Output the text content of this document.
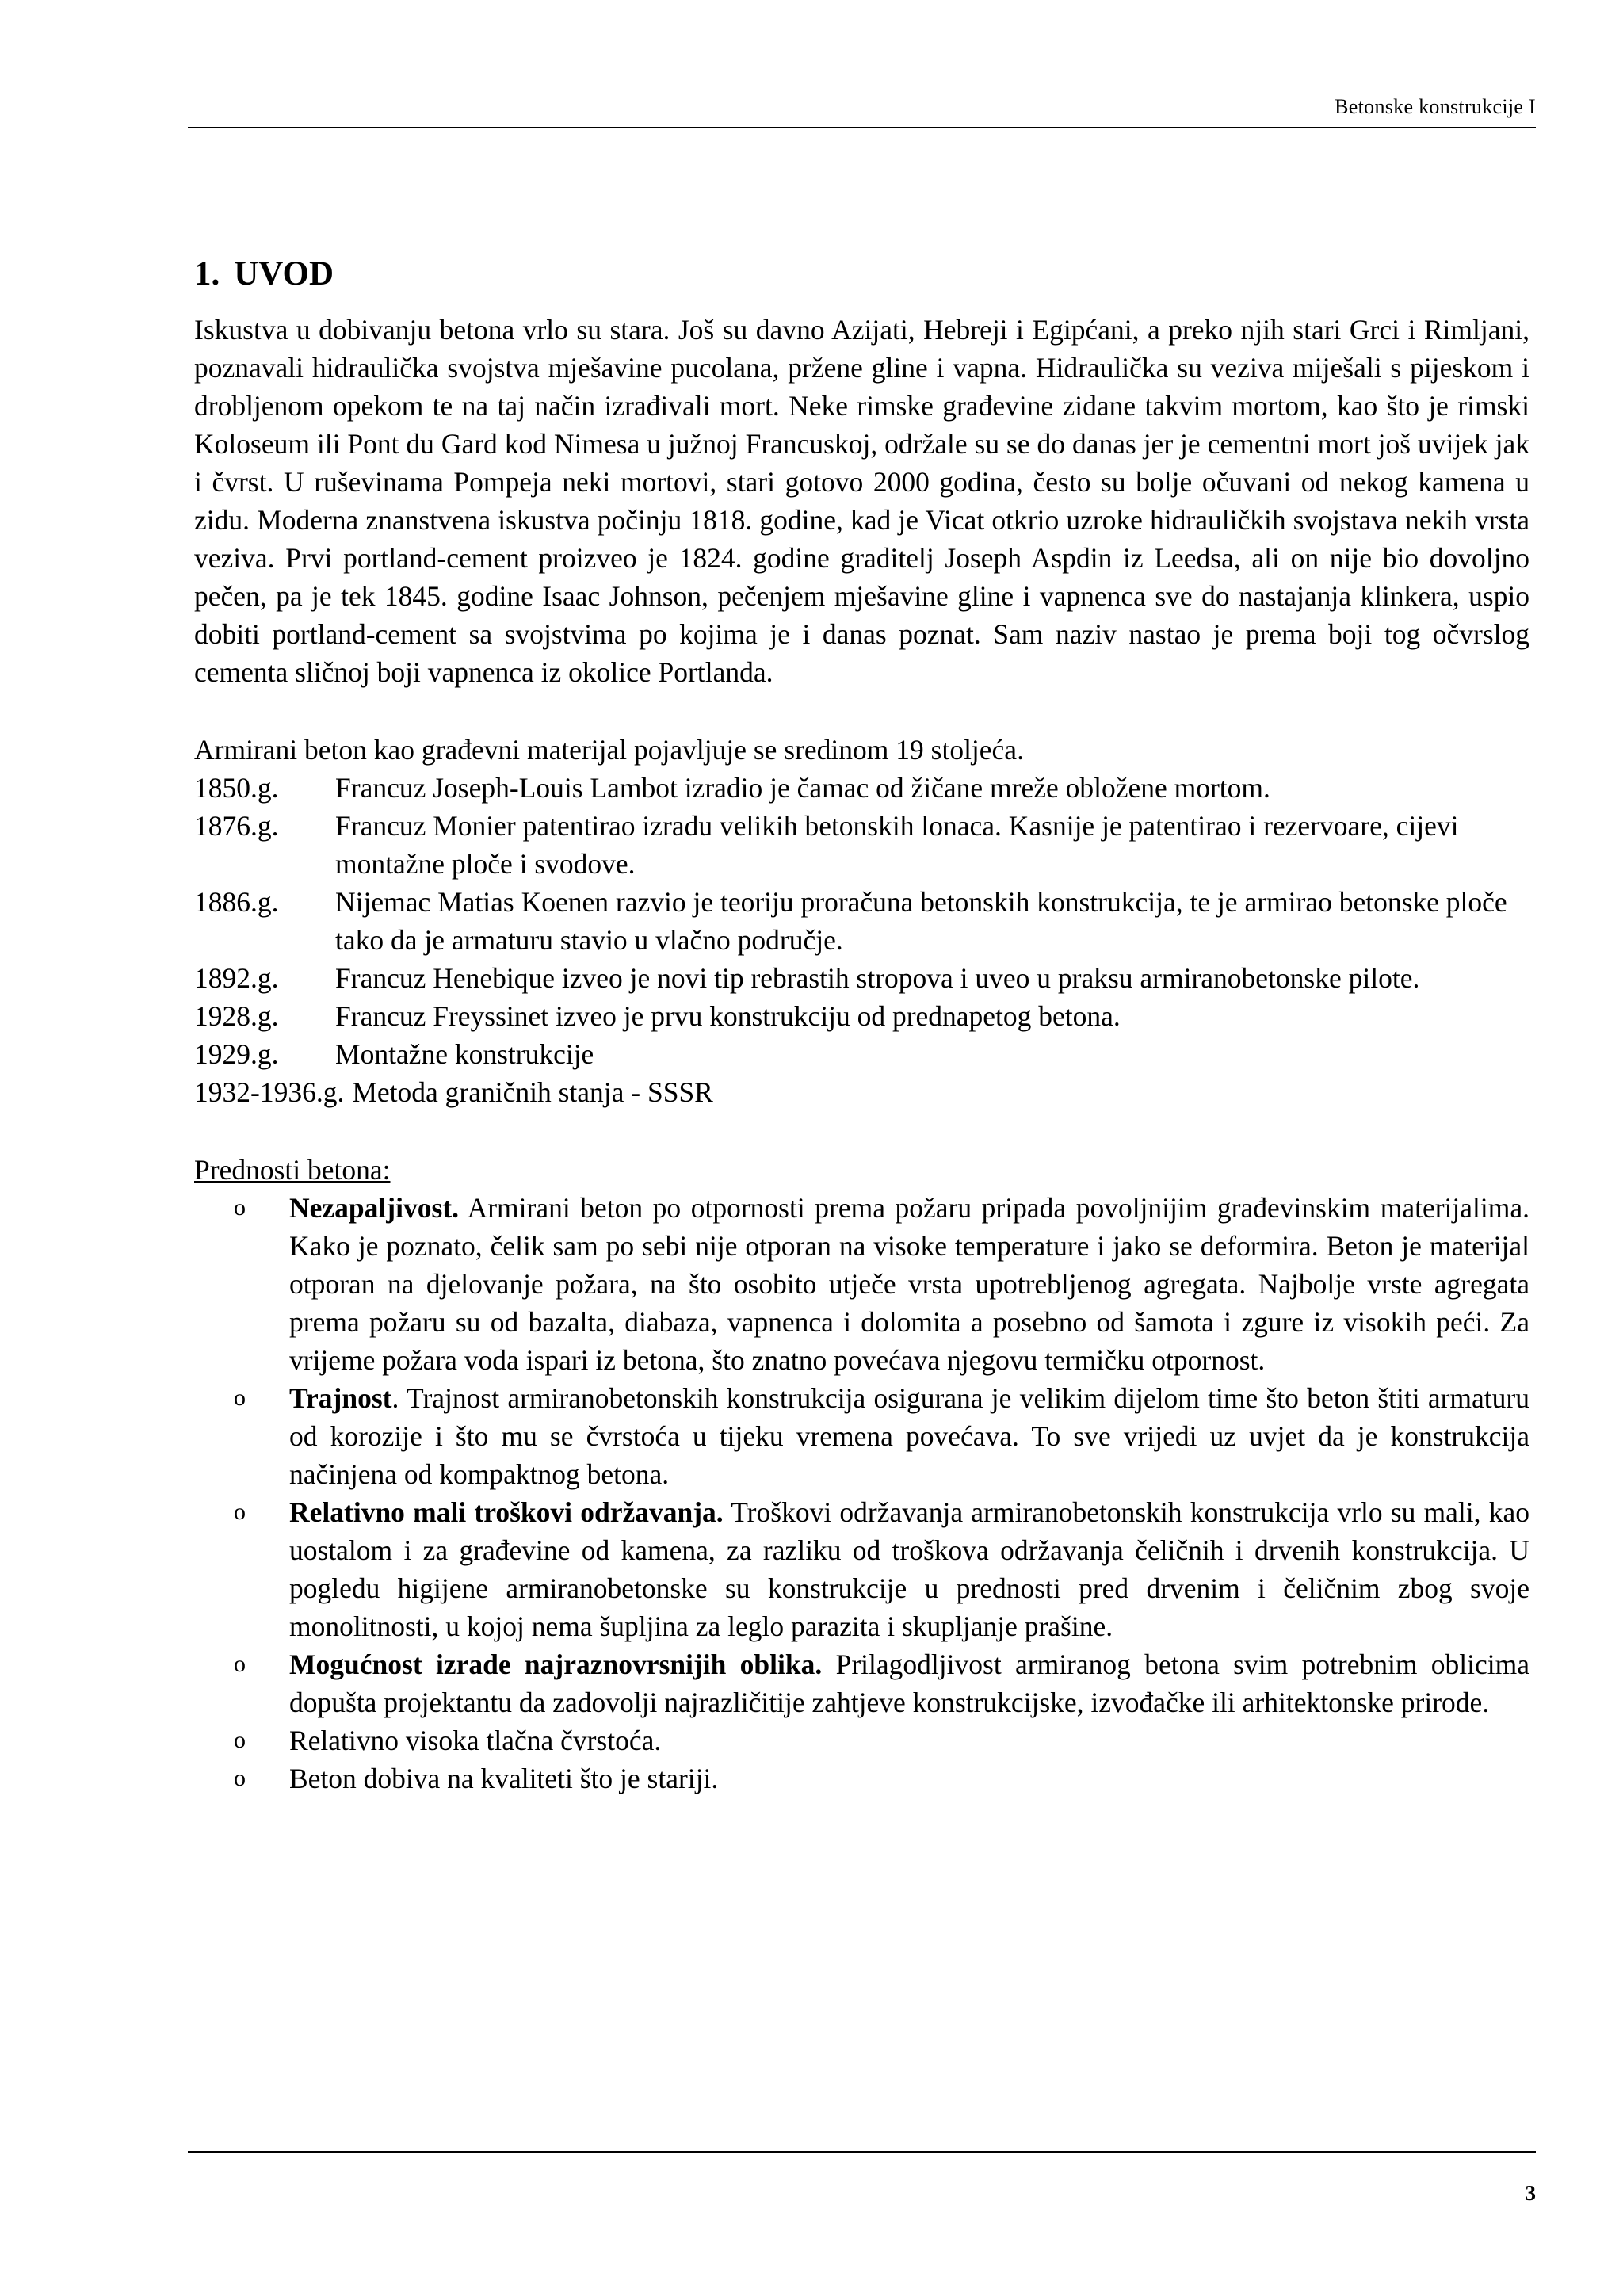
Betonske konstrukcije I
1. UVOD

Iskustva u dobivanju betona vrlo su stara. Još su davno Azijati, Hebreji i Egipćani, a preko njih stari Grci i Rimljani, poznavali hidraulička svojstva mješavine pucolana, pržene gline i vapna. Hidraulička su veziva miješali s pijeskom i drobljenom opekom te na taj način izrađivali mort. Neke rimske građevine zidane takvim mortom, kao što je rimski Koloseum ili Pont du Gard kod Nimesa u južnoj Francuskoj, održale su se do danas jer je cementni mort još uvijek jak i čvrst. U ruševinama Pompeja neki mortovi, stari gotovo 2000 godina, često su bolje očuvani od nekog kamena u zidu. Moderna znanstvena iskustva počinju 1818. godine, kad je Vicat otkrio uzroke hidrauličkih svojstava nekih vrsta veziva. Prvi portland-cement proizveo je 1824. godine graditelj Joseph Aspdin iz Leedsa, ali on nije bio dovoljno pečen, pa je tek 1845. godine Isaac Johnson, pečenjem mješavine gline i vapnenca sve do nastajanja klinkera, uspio dobiti portland-cement sa svojstvima po kojima je i danas poznat. Sam naziv nastao je prema boji tog očvrslog cementa sličnoj boji vapnenca iz okolice Portlanda.

Armirani beton kao građevni materijal pojavljuje se sredinom 19 stoljeća.

1850.g.	Francuz Joseph-Louis Lambot izradio je čamac od žičane mreže obložene mortom.
1876.g.	Francuz Monier patentirao izradu velikih betonskih lonaca. Kasnije je patentirao i rezervoare, cijevi montažne ploče i svodove.
1886.g.	Nijemac Matias Koenen razvio je teoriju proračuna betonskih konstrukcija, te je armirao betonske ploče tako da je armaturu stavio u vlačno područje.
1892.g.	Francuz Henebique izveo je novi tip rebrastih stropova i uveo u praksu armiranobetonske pilote.
1928.g.	Francuz Freyssinet izveo je prvu konstrukciju od prednapetog betona.
1929.g.	Montažne konstrukcije
1932-1936.g. Metoda graničnih stanja - SSSR

Prednosti betona:

o	Nezapaljivost. Armirani beton po otpornosti prema požaru pripada povoljnijim građevinskim materijalima. Kako je poznato, čelik sam po sebi nije otporan na visoke temperature i jako se deformira. Beton je materijal otporan na djelovanje požara, na što osobito utječe vrsta upotrebljenog agregata. Najbolje vrste agregata prema požaru su od bazalta, diabaza, vapnenca i dolomita a posebno od šamota i zgure iz visokih peći. Za vrijeme požara voda ispari iz betona, što znatno povećava njegovu termičku otpornost.
o	Trajnost. Trajnost armiranobetonskih konstrukcija osigurana je velikim dijelom time što beton štiti armaturu od korozije i što mu se čvrstoća u tijeku vremena povećava. To sve vrijedi uz uvjet da je konstrukcija načinjena od kompaktnog betona.
o	Relativno mali troškovi održavanja. Troškovi održavanja armiranobetonskih konstrukcija vrlo su mali, kao uostalom i za građevine od kamena, za razliku od troškova održavanja čeličnih i drvenih konstrukcija. U pogledu higijene armiranobetonske su konstrukcije u prednosti pred drvenim i čeličnim zbog svoje monolitnosti, u kojoj nema šupljina za leglo parazita i skupljanje prašine.
o	Mogućnost izrade najraznovrsnijih oblika. Prilagodljivost armiranog betona svim potrebnim oblicima dopušta projektantu da zadovolji najrazličitije zahtjeve konstrukcijske, izvođačke ili arhitektonske prirode.
o	Relativno visoka tlačna čvrstoća.
o	Beton dobiva na kvaliteti što je stariji.
3
